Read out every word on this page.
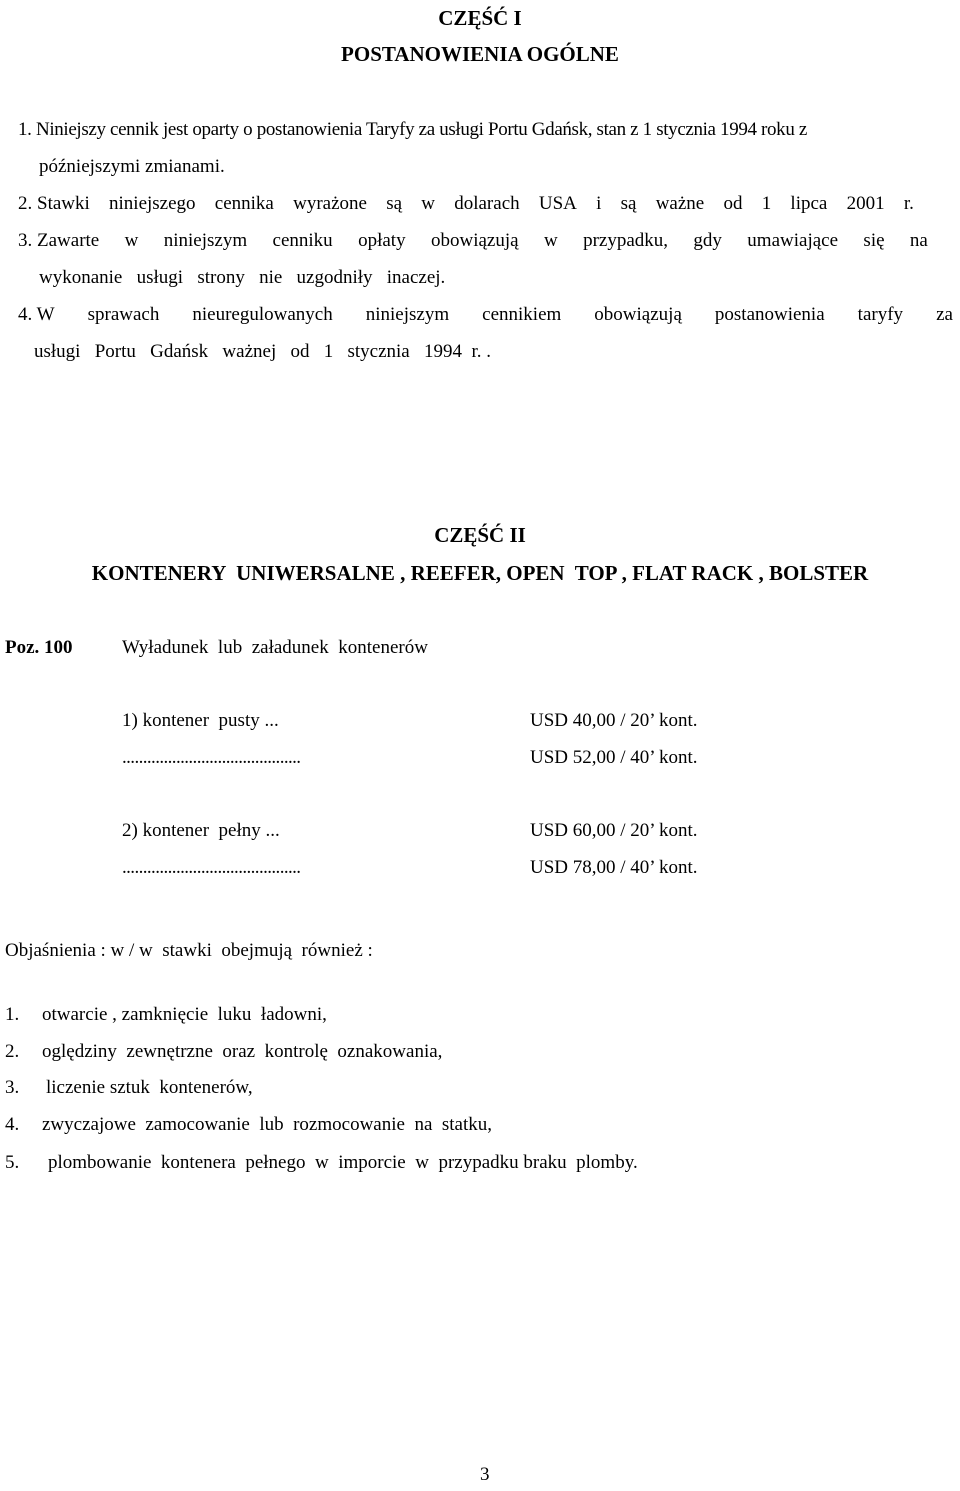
CZĘŚĆ I
POSTANOWIENIA OGÓLNE
1. Niniejszy cennik jest oparty o postanowienia Taryfy za usługi Portu Gdańsk, stan z 1 stycznia 1994 roku z
późniejszymi zmianami.
2. Stawki niniejszego cennika wyrażone są w dolarach USA i są ważne od 1 lipca 2001 r.
3. Zawarte w niniejszym cenniku opłaty obowiązują w przypadku, gdy umawiające się na
wykonanie   usługi   strony   nie   uzgodniły   inaczej.
4. W sprawach nieuregulowanych niniejszym cennikiem obowiązują postanowienia taryfy za
usługi   Portu   Gdańsk   ważnej   od   1   stycznia   1994  r. .
CZĘŚĆ II
KONTENERY  UNIWERSALNE , REEFER, OPEN  TOP , FLAT RACK , BOLSTER
Poz. 100	Wyładunek  lub  załadunek  kontenerów
1) kontener  pusty ...	USD 40,00 / 20’ kont.
...........................................	USD 52,00 / 40’ kont.
2) kontener  pełny ...	USD 60,00 / 20’ kont.
...........................................	USD 78,00 / 40’ kont.
Objaśnienia : w / w  stawki  obejmują  również :
1. otwarcie , zamknięcie  luku  ładowni,
2. oględziny  zewnętrzne  oraz  kontrolę  oznakowania,
3. liczenie sztuk  kontenerów,
4. zwyczajowe  zamocowanie  lub  rozmocowanie  na  statku,
5. plombowanie  kontenera  pełnego  w  imporcie  w  przypadku braku  plomby.
3
